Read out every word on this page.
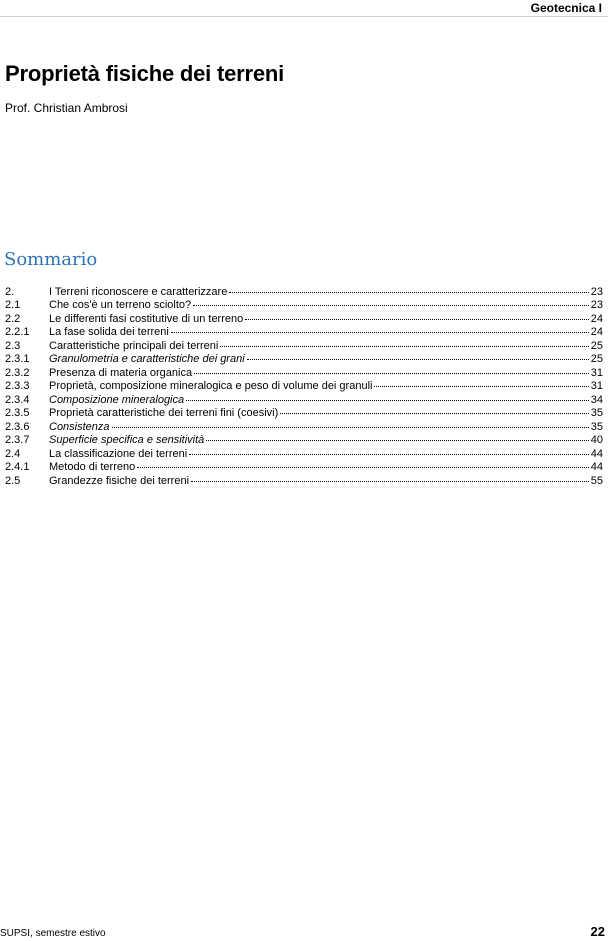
Geotecnica I
Proprietà fisiche dei terreni
Prof. Christian Ambrosi
Sommario
2.	I Terreni riconoscere e caratterizzare	23
2.1	Che cos'è un terreno sciolto?	23
2.2	Le differenti fasi costitutive di un terreno	24
2.2.1	La fase solida dei terreni	24
2.3	Caratteristiche principali dei terreni	25
2.3.1	Granulometria e caratteristiche dei grani	25
2.3.2	Presenza di materia organica	31
2.3.3	Proprietà, composizione mineralogica e peso di volume dei granuli	31
2.3.4	Composizione mineralogica	34
2.3.5	Proprietà caratteristiche dei terreni fini (coesivi)	35
2.3.6	Consistenza	35
2.3.7	Superficie specifica e sensitività	40
2.4	La classificazione dei terreni	44
2.4.1	Metodo di terreno	44
2.5	Grandezze fisiche dei terreni	55
SUPSI, semestre estivo	22
